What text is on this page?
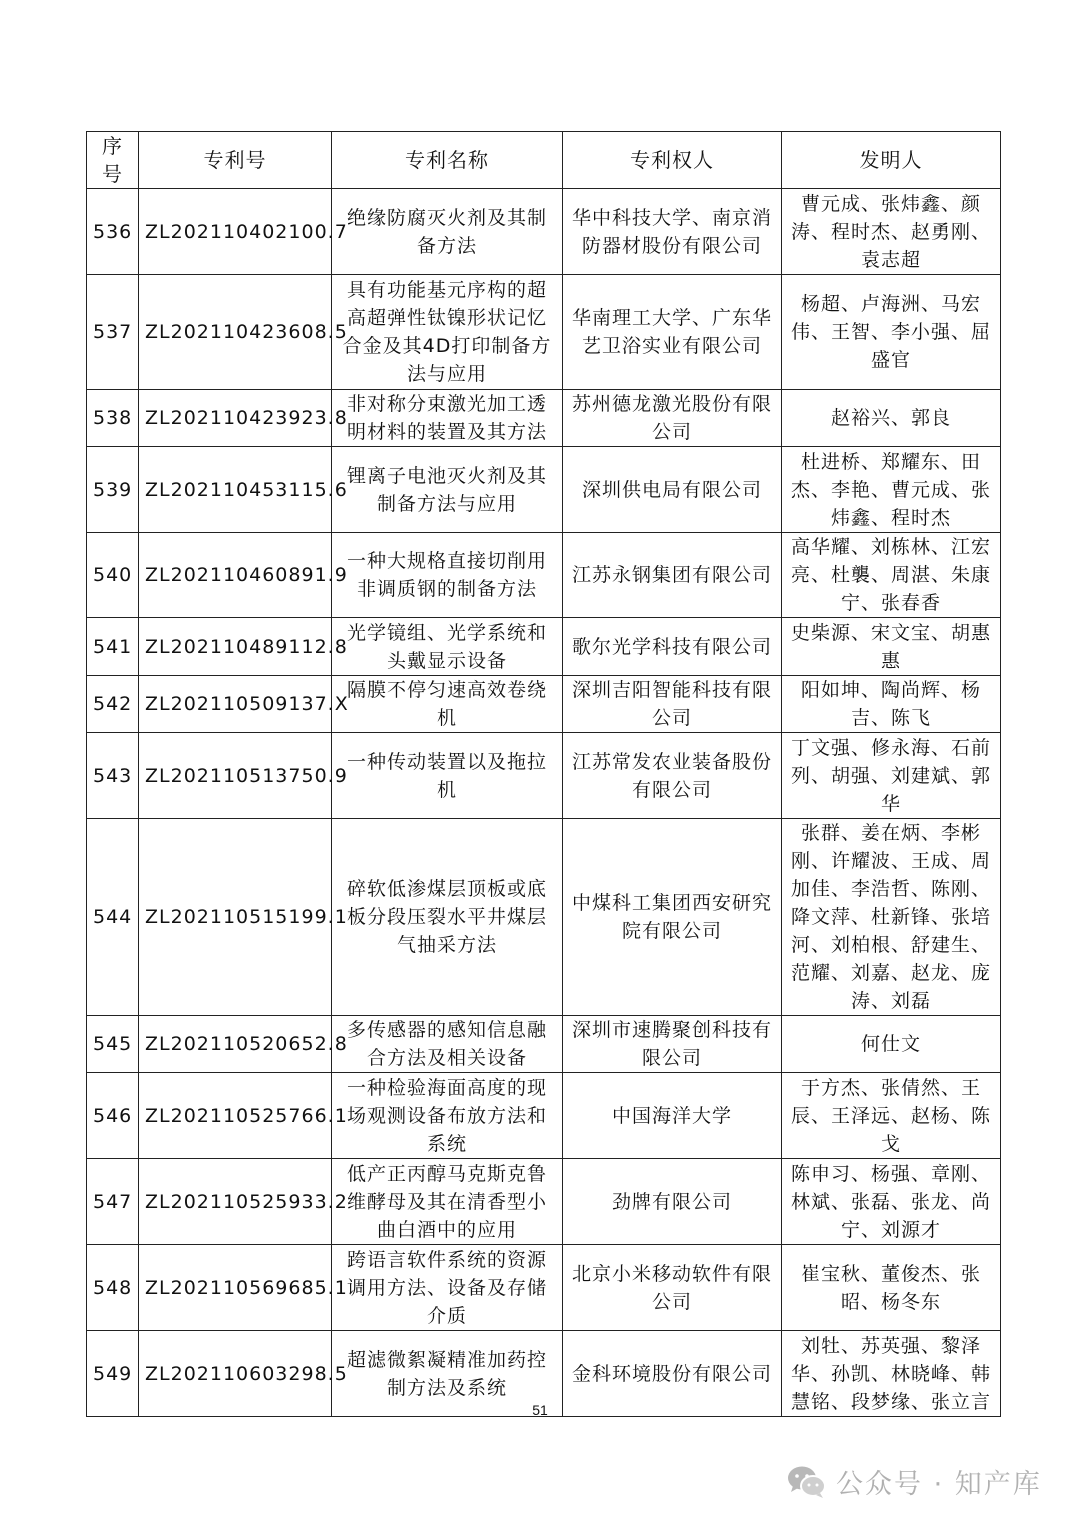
序号	专利号	专利名称	专利权人	发明人
536	ZL202110402100.7	绝缘防腐灭火剂及其制备方法	华中科技大学、南京消防器材股份有限公司	曹元成、张炜鑫、颜涛、程时杰、赵勇刚、袁志超
537	ZL202110423608.5	具有功能基元序构的超高超弹性钛镍形状记忆合金及其4D打印制备方法与应用	华南理工大学、广东华艺卫浴实业有限公司	杨超、卢海洲、马宏伟、王智、李小强、屈盛官
538	ZL202110423923.8	非对称分束激光加工透明材料的装置及其方法	苏州德龙激光股份有限公司	赵裕兴、郭良
539	ZL202110453115.6	锂离子电池灭火剂及其制备方法与应用	深圳供电局有限公司	杜进桥、郑耀东、田杰、李艳、曹元成、张炜鑫、程时杰
540	ZL202110460891.9	一种大规格直接切削用非调质钢的制备方法	江苏永钢集团有限公司	高华耀、刘栋林、江宏亮、杜襲、周湛、朱康宁、张春香
541	ZL202110489112.8	光学镜组、光学系统和头戴显示设备	歌尔光学科技有限公司	史柴源、宋文宝、胡惠惠
542	ZL202110509137.X	隔膜不停匀速高效卷绕机	深圳吉阳智能科技有限公司	阳如坤、陶尚辉、杨吉、陈飞
543	ZL202110513750.9	一种传动装置以及拖拉机	江苏常发农业装备股份有限公司	丁文强、修永海、石前列、胡强、刘建斌、郭华
544	ZL202110515199.1	碎软低渗煤层顶板或底板分段压裂水平井煤层气抽采方法	中煤科工集团西安研究院有限公司	张群、姜在炳、李彬刚、许耀波、王成、周加佳、李浩哲、陈刚、降文萍、杜新锋、张培河、刘柏根、舒建生、范耀、刘嘉、赵龙、庞涛、刘磊
545	ZL202110520652.8	多传感器的感知信息融合方法及相关设备	深圳市速腾聚创科技有限公司	何仕文
546	ZL202110525766.1	一种检验海面高度的现场观测设备布放方法和系统	中国海洋大学	于方杰、张倩然、王辰、王泽远、赵杨、陈戈
547	ZL202110525933.2	低产正丙醇马克斯克鲁维酵母及其在清香型小曲白酒中的应用	劲牌有限公司	陈申习、杨强、章刚、林斌、张磊、张龙、尚宁、刘源才
548	ZL202110569685.1	跨语言软件系统的资源调用方法、设备及存储介质	北京小米移动软件有限公司	崔宝秋、董俊杰、张昭、杨冬东
549	ZL202110603298.5	超滤微絮凝精准加药控制方法及系统	金科环境股份有限公司	刘牡、苏英强、黎泽华、孙凯、林晓峰、韩慧铭、段梦缘、张立言
51
公众号 · 知产库
